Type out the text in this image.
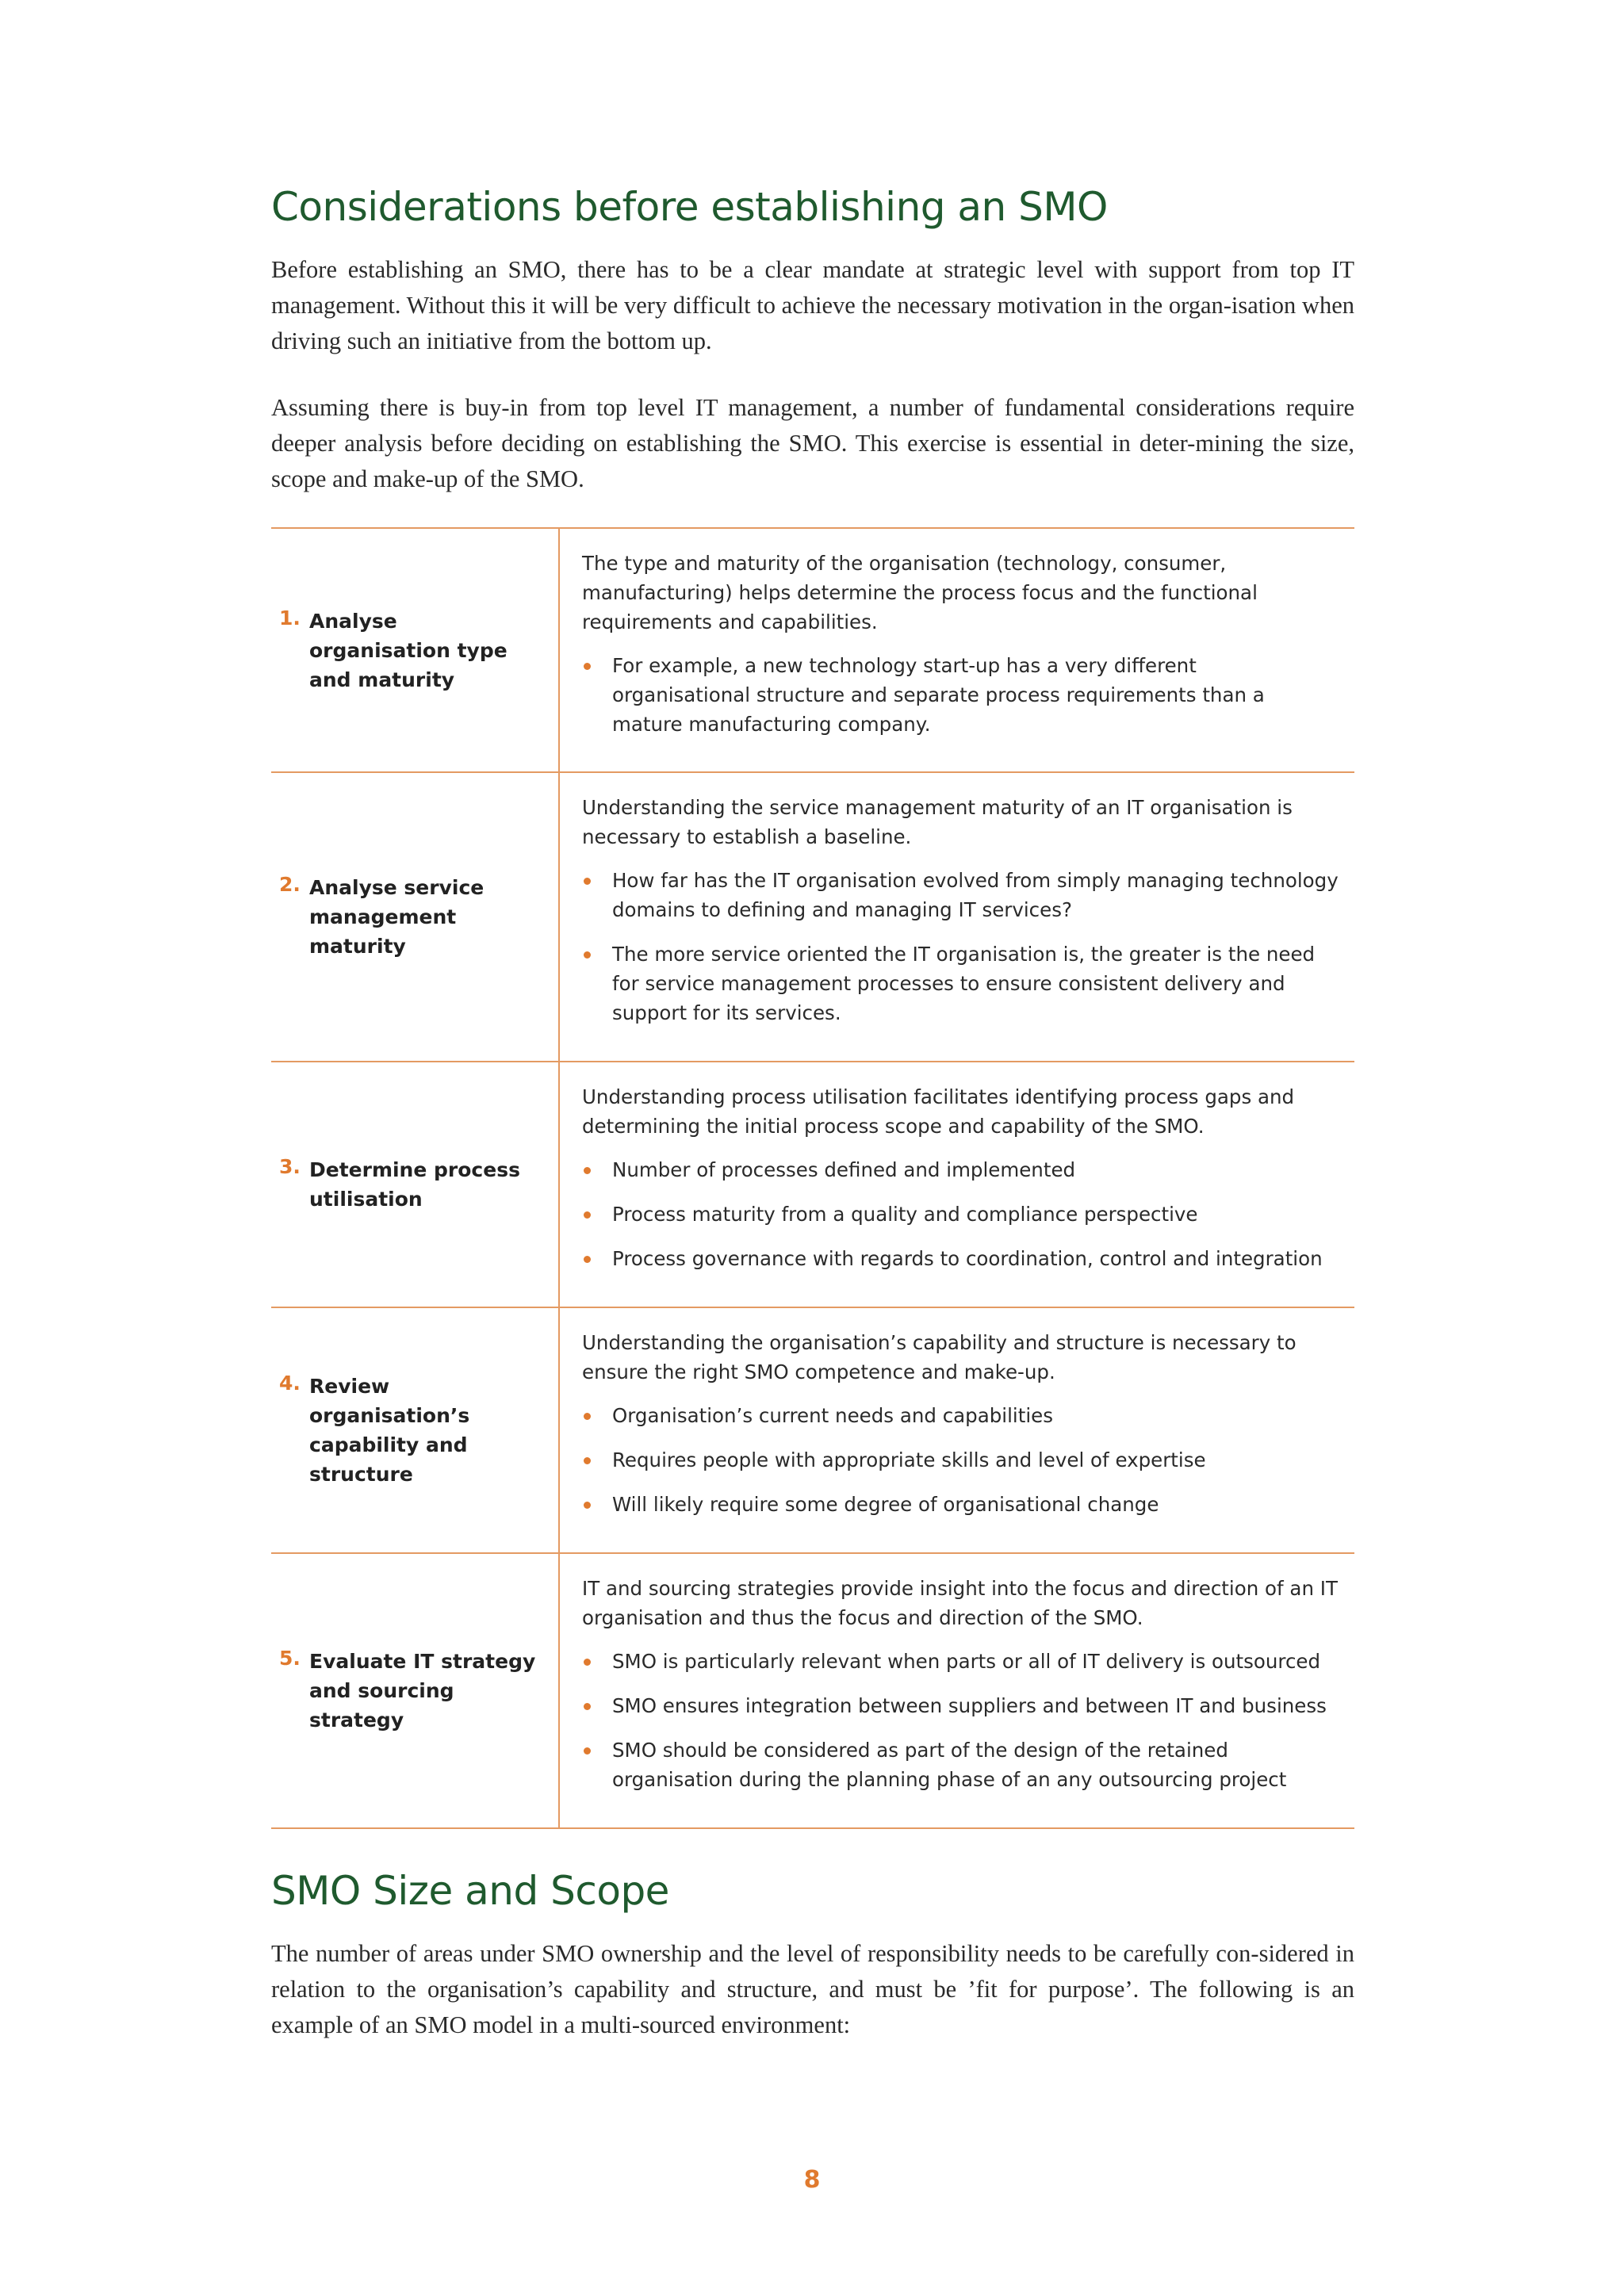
Considerations before establishing an SMO

Before establishing an SMO, there has to be a clear mandate at strategic level with support from top IT management. Without this it will be very difficult to achieve the necessary motivation in the organ-isation when driving such an initiative from the bottom up.

Assuming there is buy-in from top level IT management, a number of fundamental considerations require deeper analysis before deciding on establishing the SMO. This exercise is essential in deter-mining the size, scope and make-up of the SMO.

1. Analyse organisation type and maturity

The type and maturity of the organisation (technology, consumer, manufacturing) helps determine the process focus and the functional requirements and capabilities.

For example, a new technology start-up has a very different organisational structure and separate process requirements than a mature manufacturing company.
2. Analyse service management maturity

Understanding the service management maturity of an IT organisation is necessary to establish a baseline.

How far has the IT organisation evolved from simply managing technology domains to defining and managing IT services?
The more service oriented the IT organisation is, the greater is the need for service management processes to ensure consistent delivery and support for its services.
3. Determine process utilisation

Understanding process utilisation facilitates identifying process gaps and determining the initial process scope and capability of the SMO.

Number of processes defined and implemented
Process maturity from a quality and compliance perspective
Process governance with regards to coordination, control and integration
4. Review organisation’s capability and structure

Understanding the organisation’s capability and structure is necessary to ensure the right SMO competence and make-up.

Organisation’s current needs and capabilities
Requires people with appropriate skills and level of expertise
Will likely require some degree of organisational change
5. Evaluate IT strategy and sourcing strategy

IT and sourcing strategies provide insight into the focus and direction of an IT organisation and thus the focus and direction of the SMO.

SMO is particularly relevant when parts or all of IT delivery is outsourced
SMO ensures integration between suppliers and between IT and business
SMO should be considered as part of the design of the retained organisation during the planning phase of an any outsourcing project
SMO Size and Scope

The number of areas under SMO ownership and the level of responsibility needs to be carefully con-sidered in relation to the organisation’s capability and structure, and must be ’fit for purpose’. The following is an example of an SMO model in a multi-sourced environment:

8
